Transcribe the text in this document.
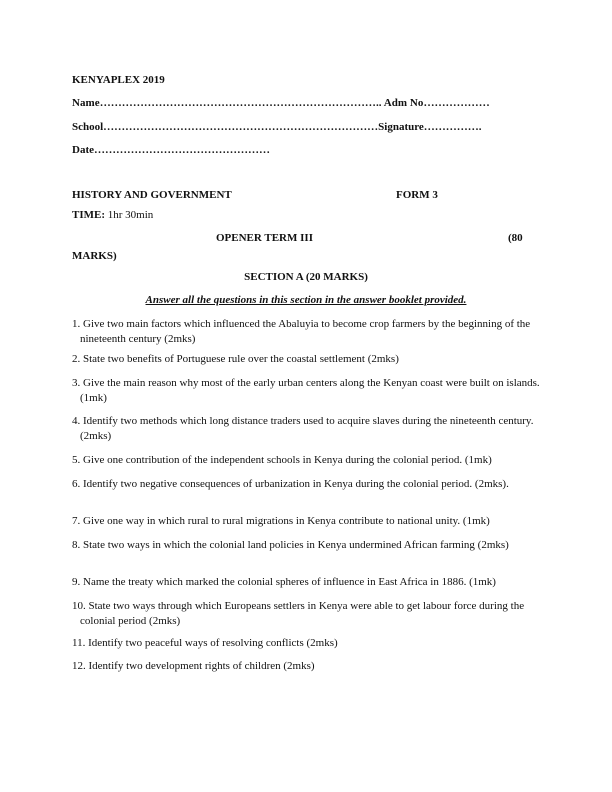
KENYAPLEX 2019
Name………………………………………………………………….. Adm No………………
School…………………………………………………………………Signature…………….
Date…………………………………………
HISTORY AND GOVERNMENT	FORM 3
TIME: 1hr 30min
OPENER TERM III	(80
MARKS)
SECTION A (20 MARKS)
Answer all the questions in this section in the answer booklet provided.
1. Give two main factors which influenced the Abaluyia to become crop farmers by the beginning of the nineteenth century (2mks)
2. State two benefits of Portuguese rule over the coastal settlement (2mks)
3. Give the main reason why most of the early urban centers along the Kenyan coast were built on islands. (1mk)
4. Identify two methods which long distance traders used to acquire slaves during the nineteenth century. (2mks)
5. Give one contribution of the independent schools in Kenya during the colonial period. (1mk)
6. Identify two negative consequences of urbanization in Kenya during the colonial period. (2mks).
7. Give one way in which rural to rural migrations in Kenya contribute to national unity. (1mk)
8. State two ways in which the colonial land policies in Kenya undermined African farming (2mks)
9. Name the treaty which marked the colonial spheres of influence in East Africa in 1886. (1mk)
10. State two ways through which Europeans settlers in Kenya were able to get labour force during the colonial period (2mks)
11. Identify two peaceful ways of resolving conflicts (2mks)
12. Identify two development rights of children (2mks)
